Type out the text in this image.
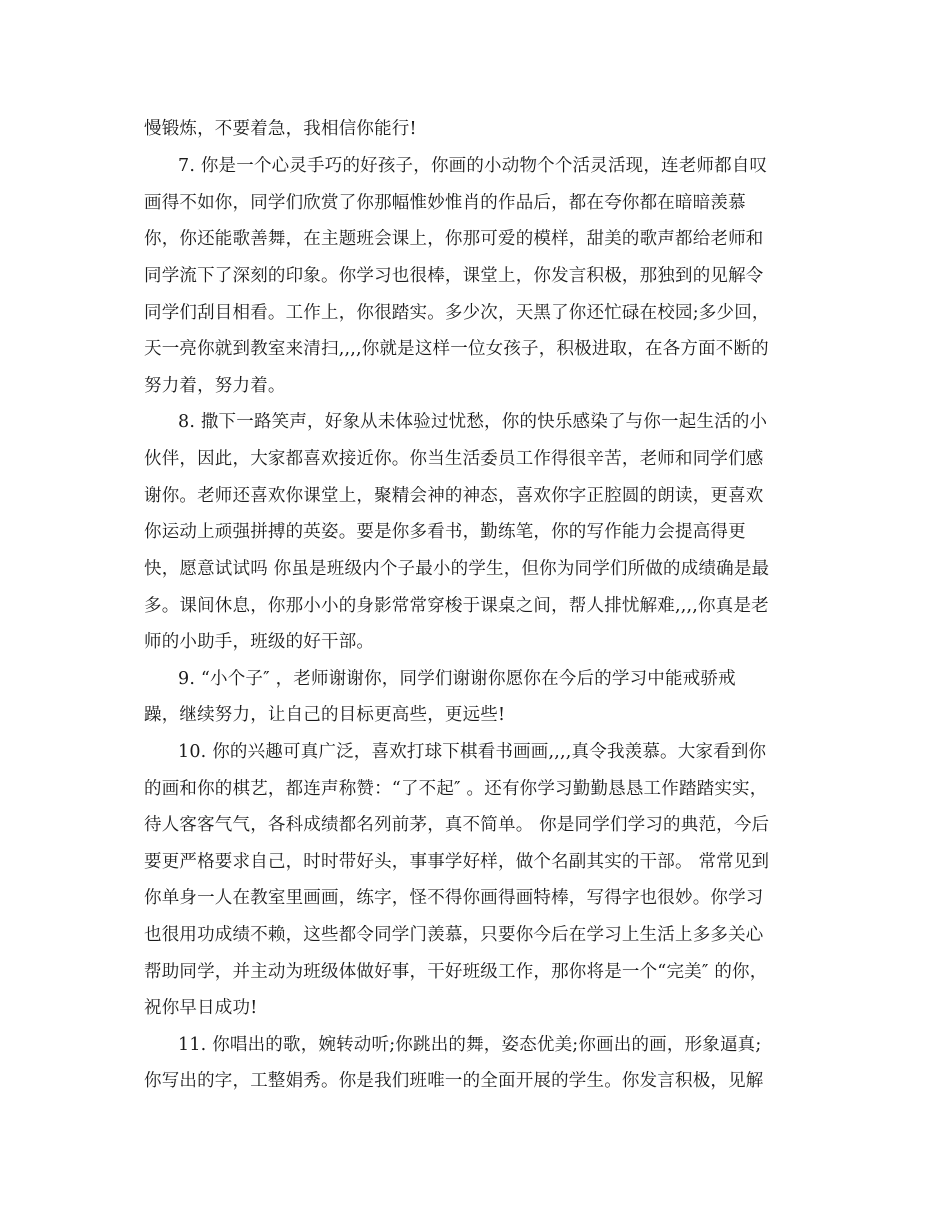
慢锻炼，不要着急，我相信你能行!
7. 你是一个心灵手巧的好孩子，你画的小动物个个活灵活现，连老师都自叹
画得不如你，同学们欣赏了你那幅惟妙惟肖的作品后，都在夸你都在暗暗羡慕
你，你还能歌善舞，在主题班会课上，你那可爱的模样，甜美的歌声都给老师和
同学流下了深刻的印象。你学习也很棒，课堂上，你发言积极，那独到的见解令
同学们刮目相看。工作上，你很踏实。多少次，天黑了你还忙碌在校园;多少回，
天一亮你就到教室来清扫,,,,你就是这样一位女孩子，积极进取，在各方面不断的
努力着，努力着。
8. 撒下一路笑声，好象从未体验过忧愁，你的快乐感染了与你一起生活的小
伙伴，因此，大家都喜欢接近你。你当生活委员工作得很辛苦，老师和同学们感
谢你。老师还喜欢你课堂上，聚精会神的神态，喜欢你字正腔圆的朗读，更喜欢
你运动上顽强拼搏的英姿。要是你多看书，勤练笔，你的写作能力会提高得更
快，愿意试试吗 你虽是班级内个子最小的学生，但你为同学们所做的成绩确是最
多。课间休息，你那小小的身影常常穿梭于课桌之间，帮人排忧解难,,,,你真是老
师的小助手，班级的好干部。
9. “小个子″ ，老师谢谢你，同学们谢谢你愿你在今后的学习中能戒骄戒
躁，继续努力，让自己的目标更高些，更远些!
10. 你的兴趣可真广泛，喜欢打球下棋看书画画,,,,真令我羡慕。大家看到你
的画和你的棋艺，都连声称赞：“了不起″ 。还有你学习勤勤恳恳工作踏踏实实，
待人客客气气，各科成绩都名列前茅，真不简单。 你是同学们学习的典范，今后
要更严格要求自己，时时带好头，事事学好样，做个名副其实的干部。 常常见到
你单身一人在教室里画画，练字，怪不得你画得画特棒，写得字也很妙。你学习
也很用功成绩不赖，这些都令同学门羡慕，只要你今后在学习上生活上多多关心
帮助同学，并主动为班级体做好事，干好班级工作，那你将是一个“完美″ 的你，
祝你早日成功!
11. 你唱出的歌，婉转动听;你跳出的舞，姿态优美;你画出的画，形象逼真;
你写出的字，工整娟秀。你是我们班唯一的全面开展的学生。你发言积极，见解
